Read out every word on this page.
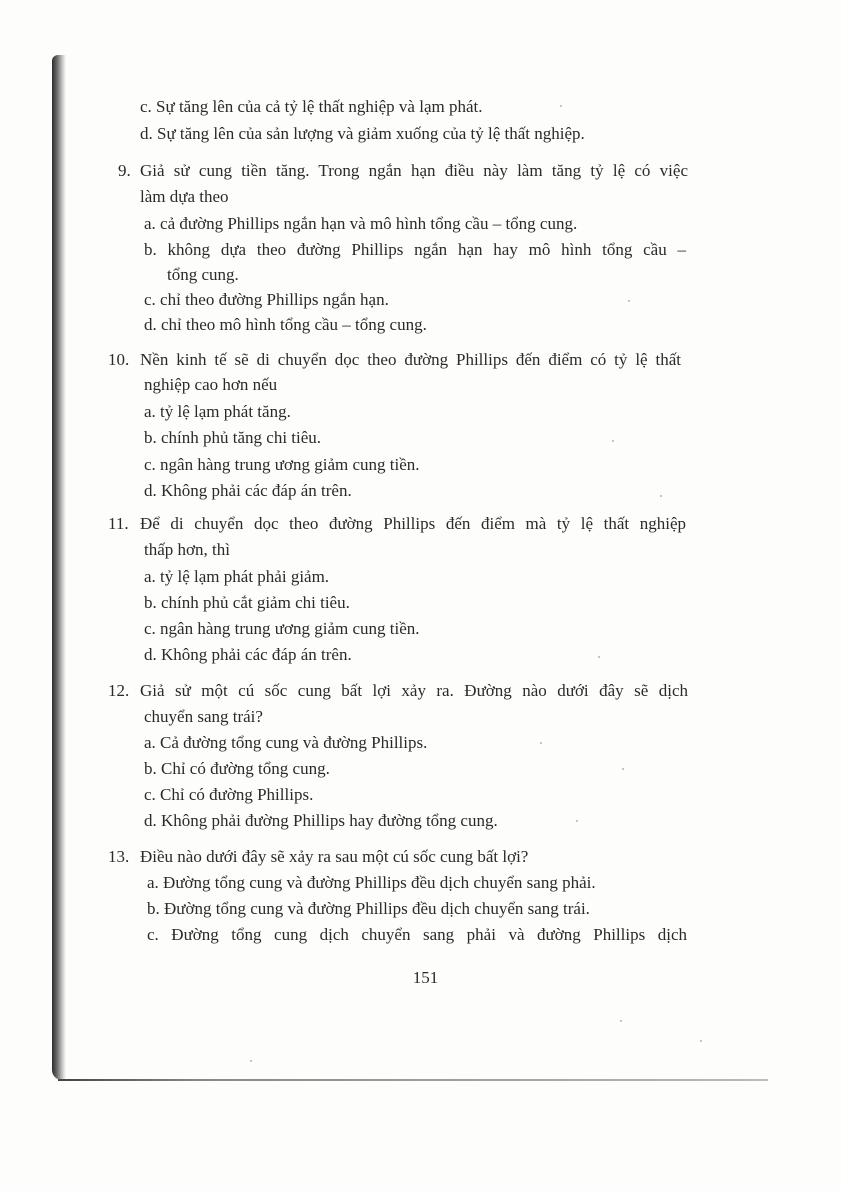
c. Sự tăng lên của cả tỷ lệ thất nghiệp và lạm phát.
d. Sự tăng lên của sản lượng và giảm xuống của tỷ lệ thất nghiệp.
9. Giả sử cung tiền tăng. Trong ngắn hạn điều này làm tăng tỷ lệ có việc
làm dựa theo
a. cả đường Phillips ngắn hạn và mô hình tổng cầu – tổng cung.
b. không dựa theo đường Phillips ngắn hạn hay mô hình tổng cầu –
tổng cung.
c. chỉ theo đường Phillips ngắn hạn.
d. chỉ theo mô hình tổng cầu – tổng cung.
10. Nền kinh tế sẽ di chuyển dọc theo đường Phillips đến điểm có tỷ lệ thất
nghiệp cao hơn nếu
a. tỷ lệ lạm phát tăng.
b. chính phủ tăng chi tiêu.
c. ngân hàng trung ương giảm cung tiền.
d. Không phải các đáp án trên.
11. Để di chuyển dọc theo đường Phillips đến điểm mà tỷ lệ thất nghiệp
thấp hơn, thì
a. tỷ lệ lạm phát phải giảm.
b. chính phủ cắt giảm chi tiêu.
c. ngân hàng trung ương giảm cung tiền.
d. Không phải các đáp án trên.
12. Giả sử một cú sốc cung bất lợi xảy ra. Đường nào dưới đây sẽ dịch
chuyển sang trái?
a. Cả đường tổng cung và đường Phillips.
b. Chỉ có đường tổng cung.
c. Chỉ có đường Phillips.
d. Không phải đường Phillips hay đường tổng cung.
13. Điều nào dưới đây sẽ xảy ra sau một cú sốc cung bất lợi?
a. Đường tổng cung và đường Phillips đều dịch chuyển sang phải.
b. Đường tổng cung và đường Phillips đều dịch chuyển sang trái.
c. Đường tổng cung dịch chuyển sang phải và đường Phillips dịch
151
